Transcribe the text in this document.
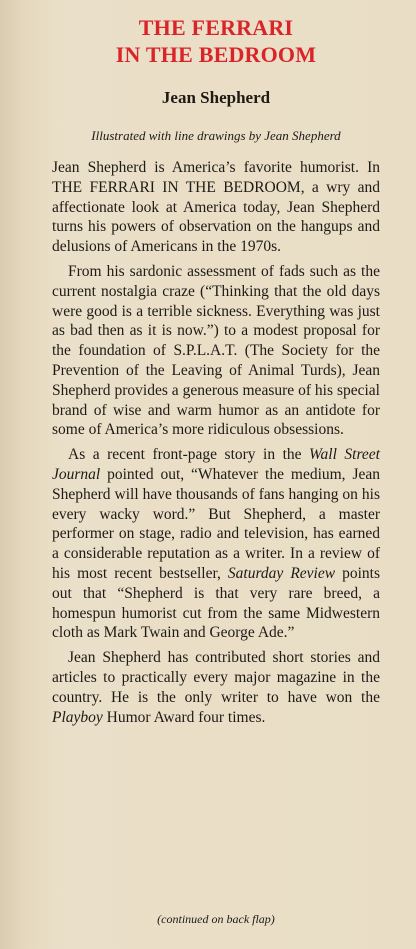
THE FERRARI
IN THE BEDROOM
Jean Shepherd
Illustrated with line drawings by Jean Shepherd

Jean Shepherd is America’s favorite humorist. In THE FERRARI IN THE BEDROOM, a wry and affectionate look at America today, Jean Shepherd turns his powers of observation on the hangups and delusions of Americans in the 1970s.

From his sardonic assessment of fads such as the current nostalgia craze (“Thinking that the old days were good is a terrible sickness. Everything was just as bad then as it is now.”) to a modest proposal for the foundation of S.P.L.A.T. (The Society for the Prevention of the Leaving of Animal Turds), Jean Shepherd provides a generous measure of his special brand of wise and warm humor as an antidote for some of America’s more ridiculous obsessions.

As a recent front-page story in the Wall Street Journal pointed out, “Whatever the medium, Jean Shepherd will have thousands of fans hanging on his every wacky word.” But Shepherd, a master performer on stage, radio and television, has earned a considerable reputation as a writer. In a review of his most recent bestseller, Saturday Review points out that “Shepherd is that very rare breed, a homespun humorist cut from the same Midwestern cloth as Mark Twain and George Ade.”

Jean Shepherd has contributed short stories and articles to practically every major magazine in the country. He is the only writer to have won the Playboy Humor Award four times.

(continued on back flap)
